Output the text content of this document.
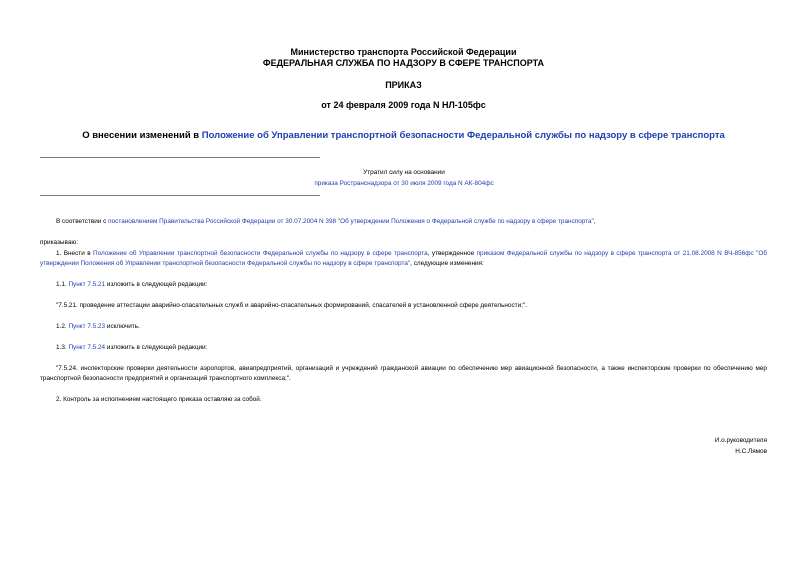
Министерство транспорта Российской Федерации
ФЕДЕРАЛЬНАЯ СЛУЖБА ПО НАДЗОРУ В СФЕРЕ ТРАНСПОРТА
ПРИКАЗ
от 24 февраля 2009 года N НЛ-105фс
О внесении изменений в Положение об Управлении транспортной безопасности Федеральной службы по надзору в сфере транспорта
Утратил силу на основании
приказа Ространснадзора от 30 июля 2009 года N АК-804фс
В соответствии с постановлением Правительства Российской Федерации от 30.07.2004 N 398 "Об утверждении Положения о Федеральной службе по надзору в сфере транспорта",
приказываю:
1. Внести в Положение об Управлении транспортной безопасности Федеральной службы по надзору в сфере транспорта, утвержденное приказом Федеральной службы по надзору в сфере транспорта от 21.08.2008 N ВЧ-856фс "Об утверждении Положения об Управлении транспортной безопасности Федеральной службы по надзору в сфере транспорта", следующие изменения:
1.1. Пункт 7.5.21 изложить в следующей редакции:
"7.5.21. проведение аттестации аварийно-спасательных служб и аварийно-спасательных формирований, спасателей в установленной сфере деятельности;".
1.2. Пункт 7.5.23 исключить.
1.3. Пункт 7.5.24 изложить в следующей редакции:
"7.5.24. инспекторские проверки деятельности аэропортов, авиапредприятий, организаций и учреждений гражданской авиации по обеспечению мер авиационной безопасности, а также инспекторские проверки по обеспечению мер транспортной безопасности предприятий и организаций транспортного комплекса;".
2. Контроль за исполнением настоящего приказа оставляю за собой.
И.о.руководителя
Н.С.Лямов
